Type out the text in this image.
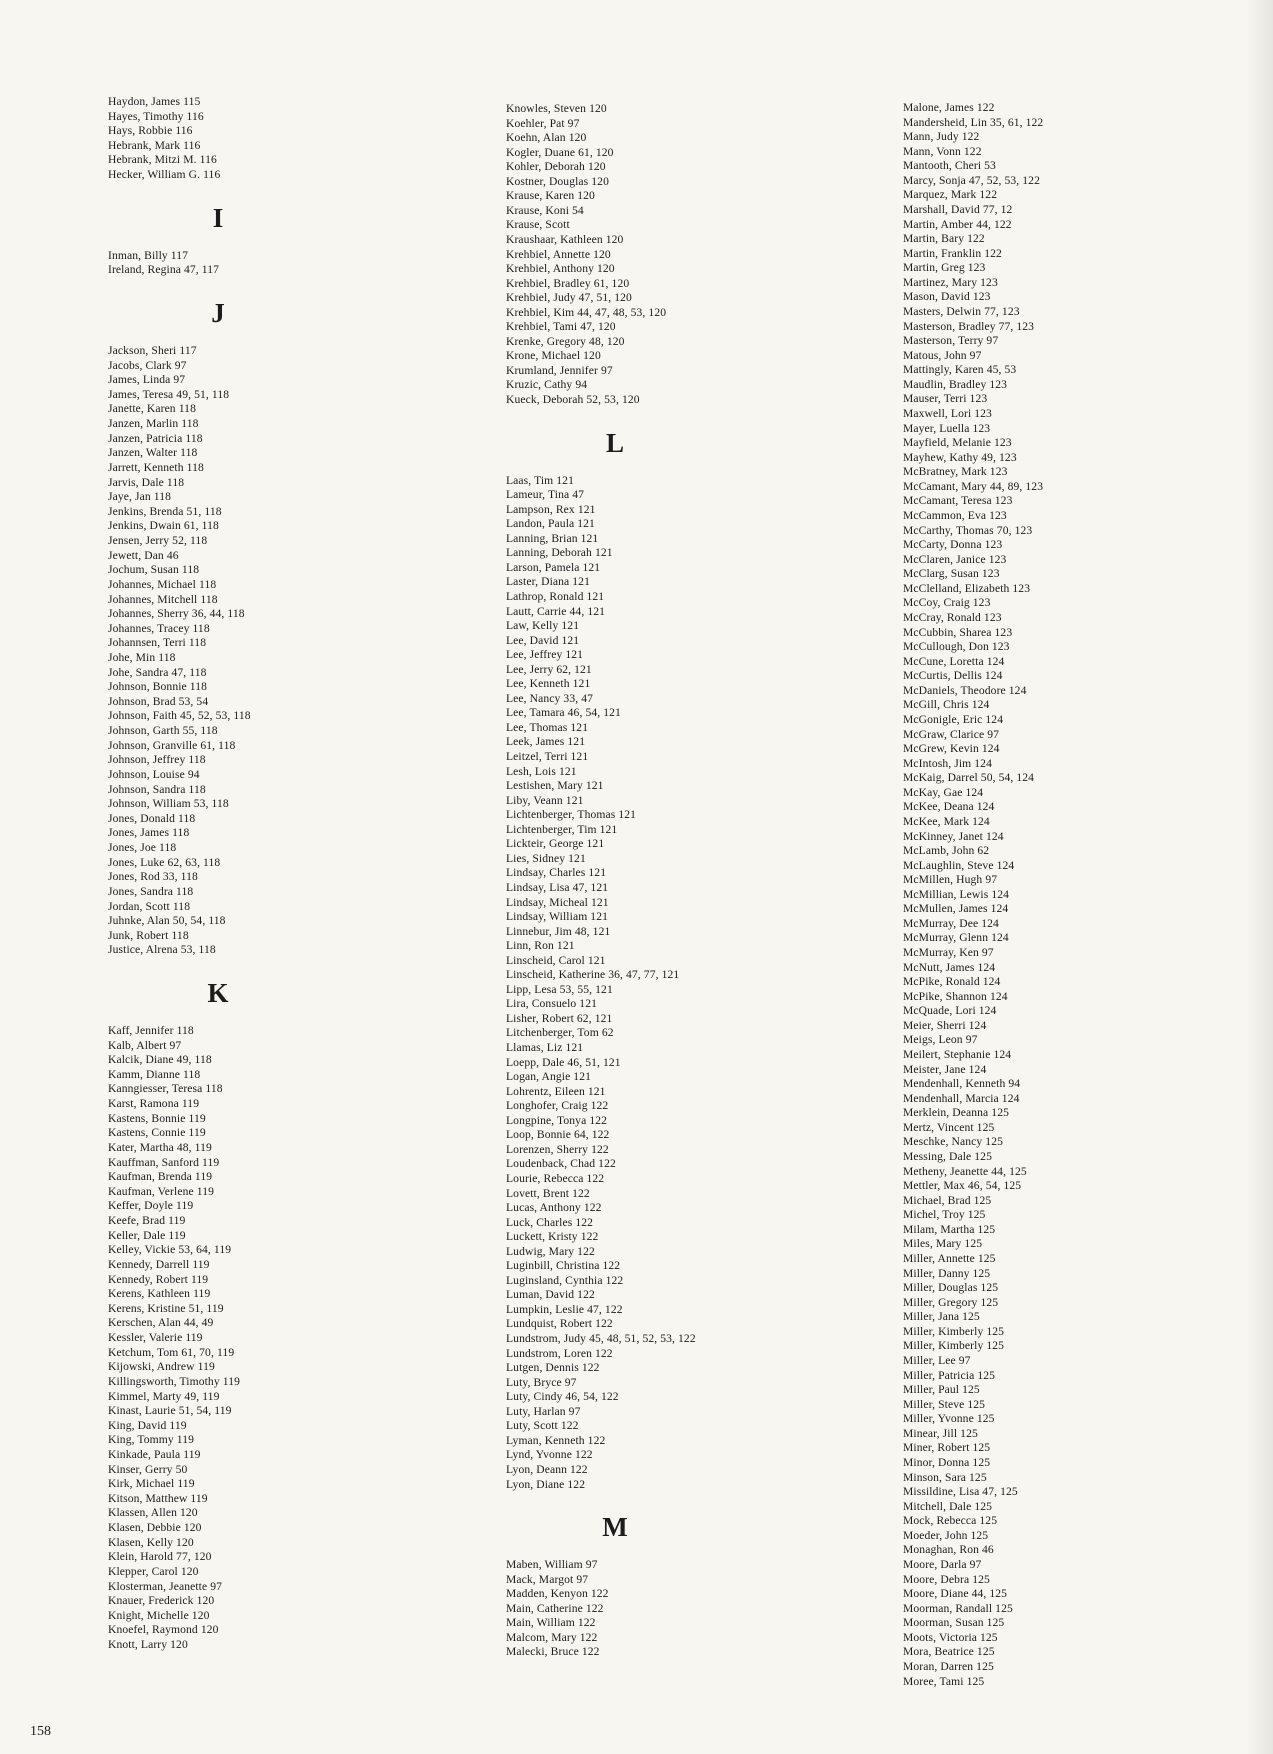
Haydon, James 115
Hayes, Timothy 116
Hays, Robbie 116
Hebrank, Mark 116
Hebrank, Mitzi M. 116
Hecker, William G. 116
I
Inman, Billy 117
Ireland, Regina 47, 117
J
Jackson, Sheri 117
Jacobs, Clark 97
James, Linda 97
James, Teresa 49, 51, 118
Janette, Karen 118
Janzen, Marlin 118
Janzen, Patricia 118
Janzen, Walter 118
Jarrett, Kenneth 118
Jarvis, Dale 118
Jaye, Jan 118
Jenkins, Brenda 51, 118
Jenkins, Dwain 61, 118
Jensen, Jerry 52, 118
Jewett, Dan 46
Jochum, Susan 118
Johannes, Michael 118
Johannes, Mitchell 118
Johannes, Sherry 36, 44, 118
Johannes, Tracey 118
Johannsen, Terri 118
Johe, Min 118
Johe, Sandra 47, 118
Johnson, Bonnie 118
Johnson, Brad 53, 54
Johnson, Faith 45, 52, 53, 118
Johnson, Garth 55, 118
Johnson, Granville 61, 118
Johnson, Jeffrey 118
Johnson, Louise 94
Johnson, Sandra 118
Johnson, William 53, 118
Jones, Donald 118
Jones, James 118
Jones, Joe 118
Jones, Luke 62, 63, 118
Jones, Rod 33, 118
Jones, Sandra 118
Jordan, Scott 118
Juhnke, Alan 50, 54, 118
Junk, Robert 118
Justice, Alrena 53, 118
K
Kaff, Jennifer 118
Kalb, Albert 97
Kalcik, Diane 49, 118
Kamm, Dianne 118
Kanngiesser, Teresa 118
Karst, Ramona 119
Kastens, Bonnie 119
Kastens, Connie 119
Kater, Martha 48, 119
Kauffman, Sanford 119
Kaufman, Brenda 119
Kaufman, Verlene 119
Keffer, Doyle 119
Keefe, Brad 119
Keller, Dale 119
Kelley, Vickie 53, 64, 119
Kennedy, Darrell 119
Kennedy, Robert 119
Kerens, Kathleen 119
Kerens, Kristine 51, 119
Kerschen, Alan 44, 49
Kessler, Valerie 119
Ketchum, Tom 61, 70, 119
Kijowski, Andrew 119
Killingsworth, Timothy 119
Kimmel, Marty 49, 119
Kinast, Laurie 51, 54, 119
King, David 119
King, Tommy 119
Kinkade, Paula 119
Kinser, Gerry 50
Kirk, Michael 119
Kitson, Matthew 119
Klassen, Allen 120
Klasen, Debbie 120
Klasen, Kelly 120
Klein, Harold 77, 120
Klepper, Carol 120
Klosterman, Jeanette 97
Knauer, Frederick 120
Knight, Michelle 120
Knoefel, Raymond 120
Knott, Larry 120
Knowles, Steven 120
Koehler, Pat 97
Koehn, Alan 120
Kogler, Duane 61, 120
Kohler, Deborah 120
Kostner, Douglas 120
Krause, Karen 120
Krause, Koni 54
Krause, Scott
Kraushaar, Kathleen 120
Krehbiel, Annette 120
Krehbiel, Anthony 120
Krehbiel, Bradley 61, 120
Krehbiel, Judy 47, 51, 120
Krehbiel, Kim 44, 47, 48, 53, 120
Krehbiel, Tami 47, 120
Krenke, Gregory 48, 120
Krone, Michael 120
Krumland, Jennifer 97
Kruzic, Cathy 94
Kueck, Deborah 52, 53, 120
L
Laas, Tim 121
Lameur, Tina 47
Lampson, Rex 121
Landon, Paula 121
Lanning, Brian 121
Lanning, Deborah 121
Larson, Pamela 121
Laster, Diana 121
Lathrop, Ronald 121
Lautt, Carrie 44, 121
Law, Kelly 121
Lee, David 121
Lee, Jeffrey 121
Lee, Jerry 62, 121
Lee, Kenneth 121
Lee, Nancy 33, 47
Lee, Tamara 46, 54, 121
Lee, Thomas 121
Leek, James 121
Leitzel, Terri 121
Lesh, Lois 121
Lestishen, Mary 121
Liby, Veann 121
Lichtenberger, Thomas 121
Lichtenberger, Tim 121
Lickteir, George 121
Lies, Sidney 121
Lindsay, Charles 121
Lindsay, Lisa 47, 121
Lindsay, Micheal 121
Lindsay, William 121
Linnebur, Jim 48, 121
Linn, Ron 121
Linscheid, Carol 121
Linscheid, Katherine 36, 47, 77, 121
Lipp, Lesa 53, 55, 121
Lira, Consuelo 121
Lisher, Robert 62, 121
Litchenberger, Tom 62
Llamas, Liz 121
Loepp, Dale 46, 51, 121
Logan, Angie 121
Lohrentz, Eileen 121
Longhofer, Craig 122
Longpine, Tonya 122
Loop, Bonnie 64, 122
Lorenzen, Sherry 122
Loudenback, Chad 122
Lourie, Rebecca 122
Lovett, Brent 122
Lucas, Anthony 122
Luck, Charles 122
Luckett, Kristy 122
Ludwig, Mary 122
Luginbill, Christina 122
Luginsland, Cynthia 122
Luman, David 122
Lumpkin, Leslie 47, 122
Lundquist, Robert 122
Lundstrom, Judy 45, 48, 51, 52, 53, 122
Lundstrom, Loren 122
Lutgen, Dennis 122
Luty, Bryce 97
Luty, Cindy 46, 54, 122
Luty, Harlan 97
Luty, Scott 122
Lyman, Kenneth 122
Lynd, Yvonne 122
Lyon, Deann 122
Lyon, Diane 122
M
Maben, William 97
Mack, Margot 97
Madden, Kenyon 122
Main, Catherine 122
Main, William 122
Malcom, Mary 122
Malecki, Bruce 122
Malone, James 122
Mandersheid, Lin 35, 61, 122
Mann, Judy 122
Mann, Vonn 122
Mantooth, Cheri 53
Marcy, Sonja 47, 52, 53, 122
Marquez, Mark 122
Marshall, David 77, 12
Martin, Amber 44, 122
Martin, Bary 122
Martin, Franklin 122
Martin, Greg 123
Martinez, Mary 123
Mason, David 123
Masters, Delwin 77, 123
Masterson, Bradley 77, 123
Masterson, Terry 97
Matous, John 97
Mattingly, Karen 45, 53
Maudlin, Bradley 123
Mauser, Terri 123
Maxwell, Lori 123
Mayer, Luella 123
Mayfield, Melanie 123
Mayhew, Kathy 49, 123
McBratney, Mark 123
McCamant, Mary 44, 89, 123
McCamant, Teresa 123
McCammon, Eva 123
McCarthy, Thomas 70, 123
McCarty, Donna 123
McClaren, Janice 123
McClarg, Susan 123
McClelland, Elizabeth 123
McCoy, Craig 123
McCray, Ronald 123
McCubbin, Sharea 123
McCullough, Don 123
McCune, Loretta 124
McCurtis, Dellis 124
McDaniels, Theodore 124
McGill, Chris 124
McGonigle, Eric 124
McGraw, Clarice 97
McGrew, Kevin 124
McIntosh, Jim 124
McKaig, Darrel 50, 54, 124
McKay, Gae 124
McKee, Deana 124
McKee, Mark 124
McKinney, Janet 124
McLamb, John 62
McLaughlin, Steve 124
McMillen, Hugh 97
McMillian, Lewis 124
McMullen, James 124
McMurray, Dee 124
McMurray, Glenn 124
McMurray, Ken 97
McNutt, James 124
McPike, Ronald 124
McPike, Shannon 124
McQuade, Lori 124
Meier, Sherri 124
Meigs, Leon 97
Meilert, Stephanie 124
Meister, Jane 124
Mendenhall, Kenneth 94
Mendenhall, Marcia 124
Merklein, Deanna 125
Mertz, Vincent 125
Meschke, Nancy 125
Messing, Dale 125
Metheny, Jeanette 44, 125
Mettler, Max 46, 54, 125
Michael, Brad 125
Michel, Troy 125
Milam, Martha 125
Miles, Mary 125
Miller, Annette 125
Miller, Danny 125
Miller, Douglas 125
Miller, Gregory 125
Miller, Jana 125
Miller, Kimberly 125
Miller, Kimberly 125
Miller, Lee 97
Miller, Patricia 125
Miller, Paul 125
Miller, Steve 125
Miller, Yvonne 125
Minear, Jill 125
Miner, Robert 125
Minor, Donna 125
Minson, Sara 125
Missildine, Lisa 47, 125
Mitchell, Dale 125
Mock, Rebecca 125
Moeder, John 125
Monaghan, Ron 46
Moore, Darla 97
Moore, Debra 125
Moore, Diane 44, 125
Moorman, Randall 125
Moorman, Susan 125
Moots, Victoria 125
Mora, Beatrice 125
Moran, Darren 125
Moree, Tami 125
158
